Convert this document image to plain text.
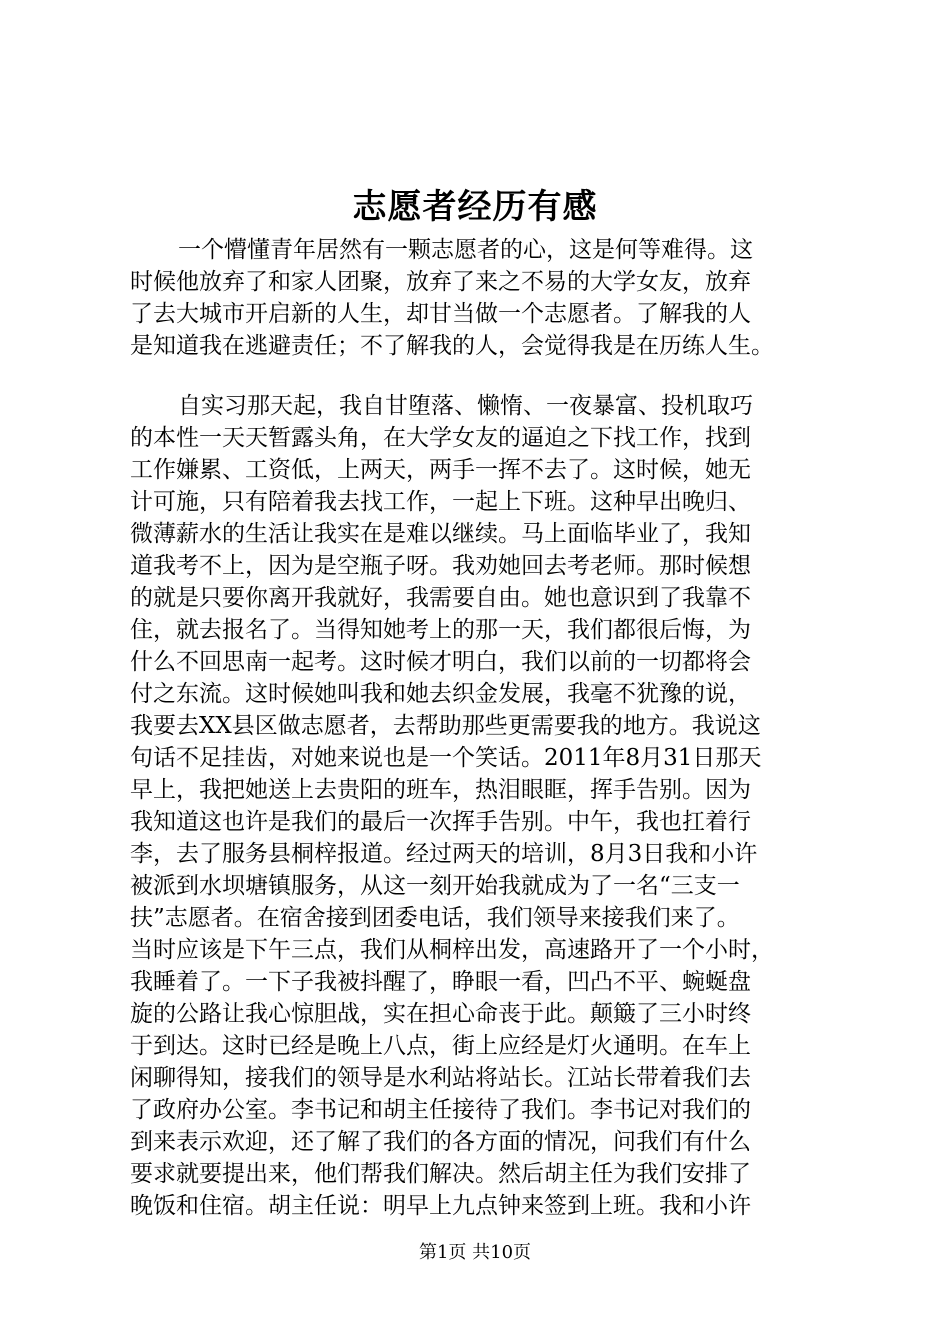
志愿者经历有感
一个懵懂青年居然有一颗志愿者的心，这是何等难得。这
时候他放弃了和家人团聚，放弃了来之不易的大学女友，放弃
了去大城市开启新的人生，却甘当做一个志愿者。了解我的人
是知道我在逃避责任；不了解我的人，会觉得我是在历练人生。
自实习那天起，我自甘堕落、懒惰、一夜暴富、投机取巧
的本性一天天暂露头角，在大学女友的逼迫之下找工作，找到
工作嫌累、工资低，上两天，两手一挥不去了。这时候，她无
计可施，只有陪着我去找工作，一起上下班。这种早出晚归、
微薄薪水的生活让我实在是难以继续。马上面临毕业了，我知
道我考不上，因为是空瓶子呀。我劝她回去考老师。那时候想
的就是只要你离开我就好，我需要自由。她也意识到了我靠不
住，就去报名了。当得知她考上的那一天，我们都很后悔，为
什么不回思南一起考。这时候才明白，我们以前的一切都将会
付之东流。这时候她叫我和她去织金发展，我毫不犹豫的说，
我要去XX县区做志愿者，去帮助那些更需要我的地方。我说这
句话不足挂齿，对她来说也是一个笑话。2011年8月31日那天
早上，我把她送上去贵阳的班车，热泪眼眶，挥手告别。因为
我知道这也许是我们的最后一次挥手告别。中午，我也扛着行
李，去了服务县桐梓报道。经过两天的培训，8月3日我和小许
被派到水坝塘镇服务，从这一刻开始我就成为了一名“三支一
扶”志愿者。在宿舍接到团委电话，我们领导来接我们来了。
当时应该是下午三点，我们从桐梓出发，高速路开了一个小时，
我睡着了。一下子我被抖醒了，睁眼一看，凹凸不平、蜿蜒盘
旋的公路让我心惊胆战，实在担心命丧于此。颠簸了三小时终
于到达。这时已经是晚上八点，街上应经是灯火通明。在车上
闲聊得知，接我们的领导是水利站将站长。江站长带着我们去
了政府办公室。李书记和胡主任接待了我们。李书记对我们的
到来表示欢迎，还了解了我们的各方面的情况，问我们有什么
要求就要提出来，他们帮我们解决。然后胡主任为我们安排了
晚饭和住宿。胡主任说：明早上九点钟来签到上班。我和小许
第1页 共10页
